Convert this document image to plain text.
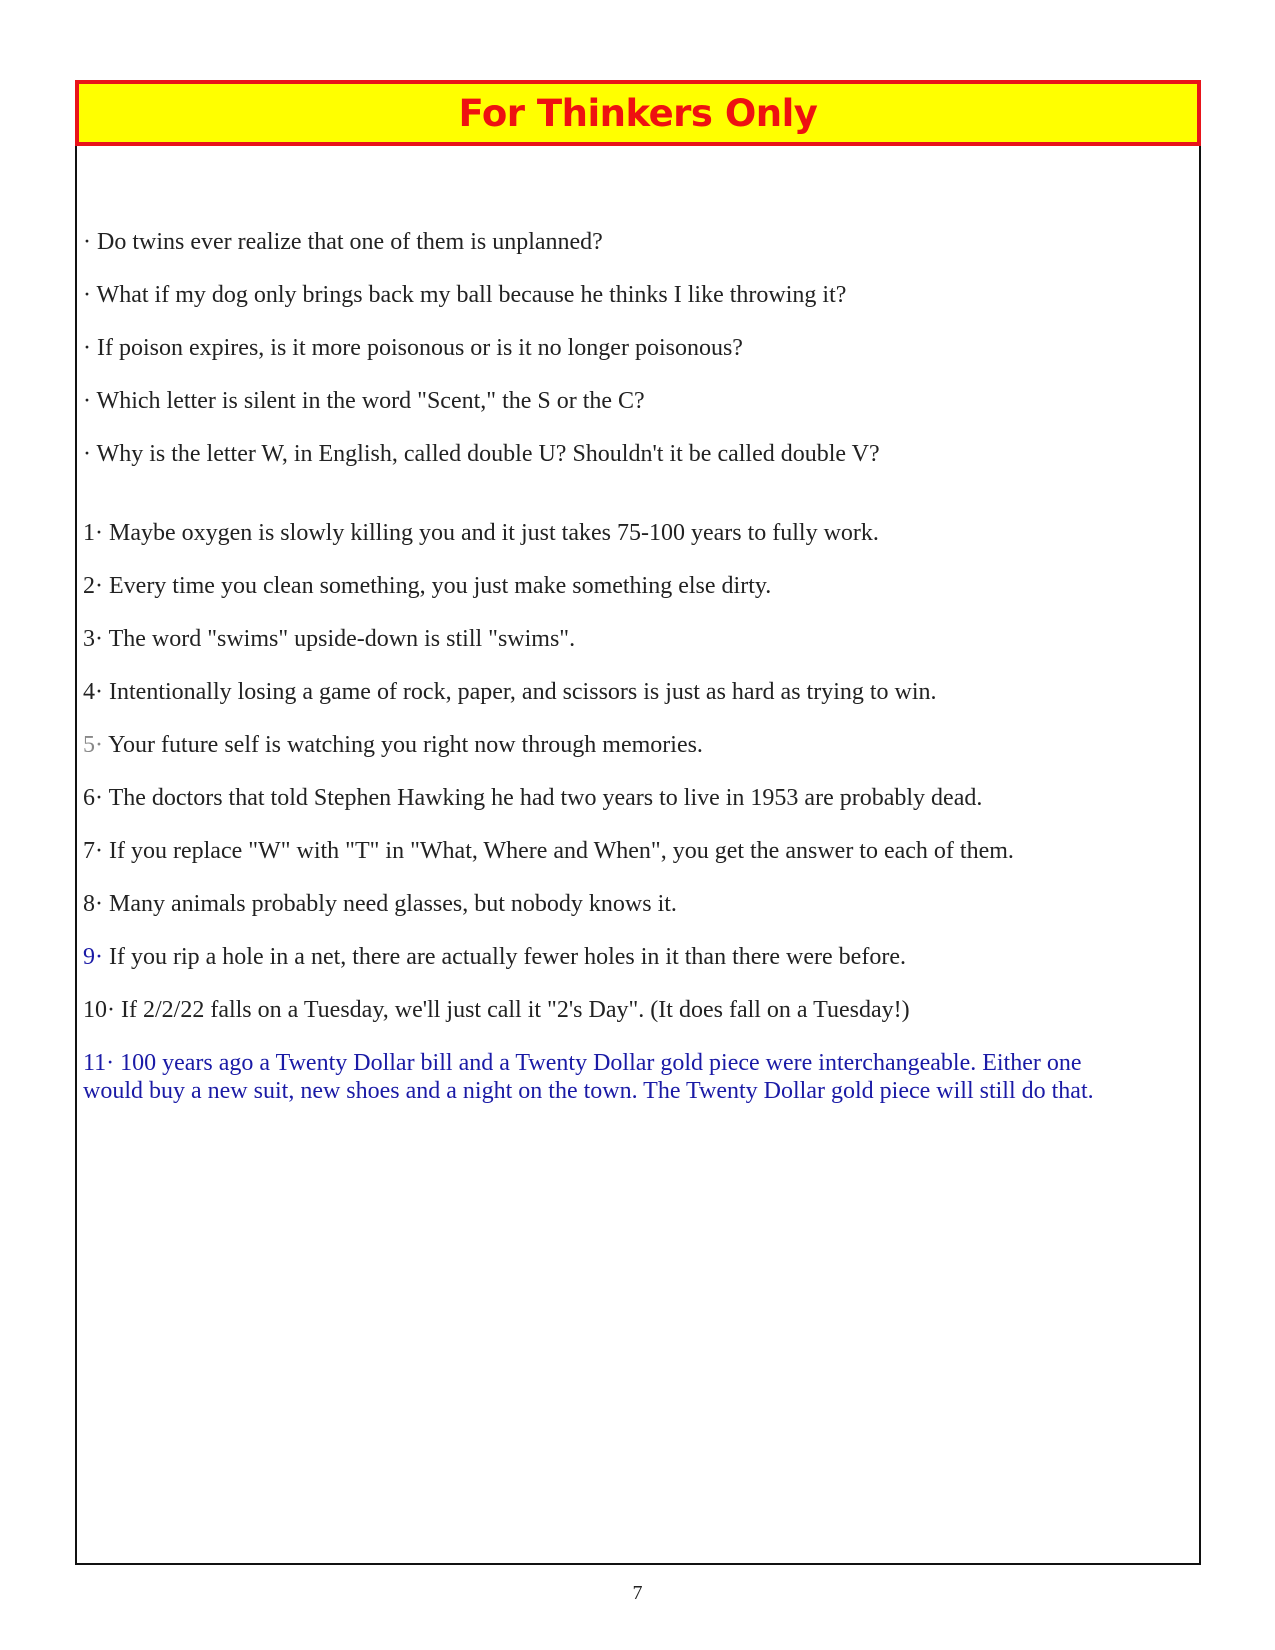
For Thinkers Only

· Do twins ever realize that one of them is unplanned?

· What if my dog only brings back my ball because he thinks I like throwing it?

· If poison expires, is it more poisonous or is it no longer poisonous?

· Which letter is silent in the word "Scent," the S or the C?

· Why is the letter W, in English, called double U? Shouldn't it be called double V?

1· Maybe oxygen is slowly killing you and it just takes 75-100 years to fully work.

2· Every time you clean something, you just make something else dirty.

3· The word "swims" upside-down is still "swims".

4· Intentionally losing a game of rock, paper, and scissors is just as hard as trying to win.

5· Your future self is watching you right now through memories.

6· The doctors that told Stephen Hawking he had two years to live in 1953 are probably dead.

7· If you replace "W" with "T" in "What, Where and When", you get the answer to each of them.

8· Many animals probably need glasses, but nobody knows it.

9· If you rip a hole in a net, there are actually fewer holes in it than there were before.

10· If 2/2/22 falls on a Tuesday, we'll just call it "2's Day". (It does fall on a Tuesday!)

11· 100 years ago a Twenty Dollar bill and a Twenty Dollar gold piece were interchangeable. Either one

would buy a new suit, new shoes and a night on the town. The Twenty Dollar gold piece will still do that.

7
